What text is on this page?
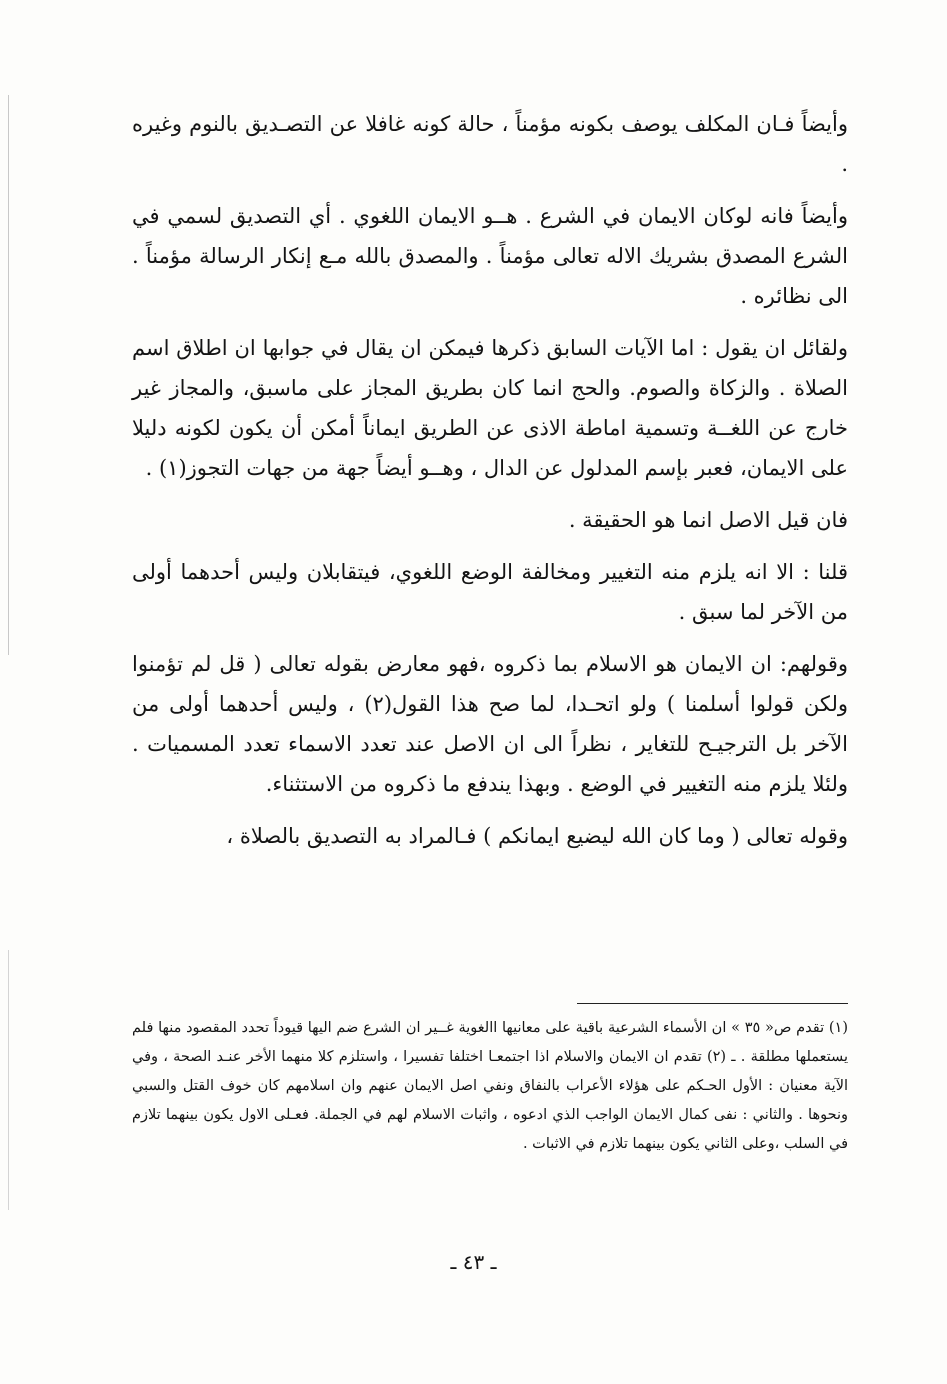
وأيضاً فـان المكلف يوصف بكونه مؤمناً ، حالة كونه غافلا عن التصـديق بالنوم وغيره .

وأيضاً فانه لوكان الايمان في الشرع . هــو الايمان اللغوي . أي التصديق لسمي في الشرع المصدق بشريك الاله تعالى مؤمناً . والمصدق بالله مـع إنكار الرسالة مؤمناً . الى نظائره .

ولقائل ان يقول : اما الآيات السابق ذكرها فيمكن ان يقال في جوابها ان اطلاق اسم الصلاة . والزكاة والصوم. والحج انما كان بطريق المجاز على ماسبق، والمجاز غير خارج عن اللغــة وتسمية اماطة الاذى عن الطريق ايماناً أمكن أن يكون لكونه دليلا على الايمان، فعبر بإسم المدلول عن الدال ، وهــو أيضاً جهة من جهات التجوز(١) .

فان قيل الاصل انما هو الحقيقة .

قلنا : الا انه يلزم منه التغيير ومخالفة الوضع اللغوي، فيتقابلان وليس أحدهما أولى من الآخر لما سبق .

وقولهم: ان الايمان هو الاسلام بما ذكروه ،فهو معارض بقوله تعالى ( قل لم تؤمنوا ولكن قولوا أسلمنا ) ولو اتحـدا، لما صح هذا القول(٢) ، وليس أحدهما أولى من الآخر بل الترجيـح للتغاير ، نظراً الى ان الاصل عند تعدد الاسماء تعدد المسميات . ولئلا يلزم منه التغيير في الوضع . وبهذا يندفع ما ذكروه من الاستثناء.

وقوله تعالى ( وما كان الله ليضيع ايمانكم ) فـالمراد به التصديق بالصلاة ،

(١) تقدم ص« ٣٥ » ان الأسماء الشرعية باقية على معانيها االغوية غــير ان الشرع ضم اليها قيوداً تحدد المقصود منها فلم يستعملها مطلقة . ـ (٢) تقدم ان الايمان والاسلام اذا اجتمعـا اختلفا تفسيرا ، واستلزم كلا منهما الأخر عنـد الصحة ، وفي الآية معنيان : الأول الحـكم على هؤلاء الأعراب بالنفاق ونفي اصل الايمان عنهم وان اسلامهم كان خوف القتل والسبي ونحوها . والثاني : نفى كمال الايمان الواجب الذي ادعوه ، واثبات الاسلام لهم في الجملة. فعـلى الاول يكون بينهما تلازم في السلب ،وعلى الثاني يكون بينهما تلازم في الاثبات .

ـ ٤٣ ـ
